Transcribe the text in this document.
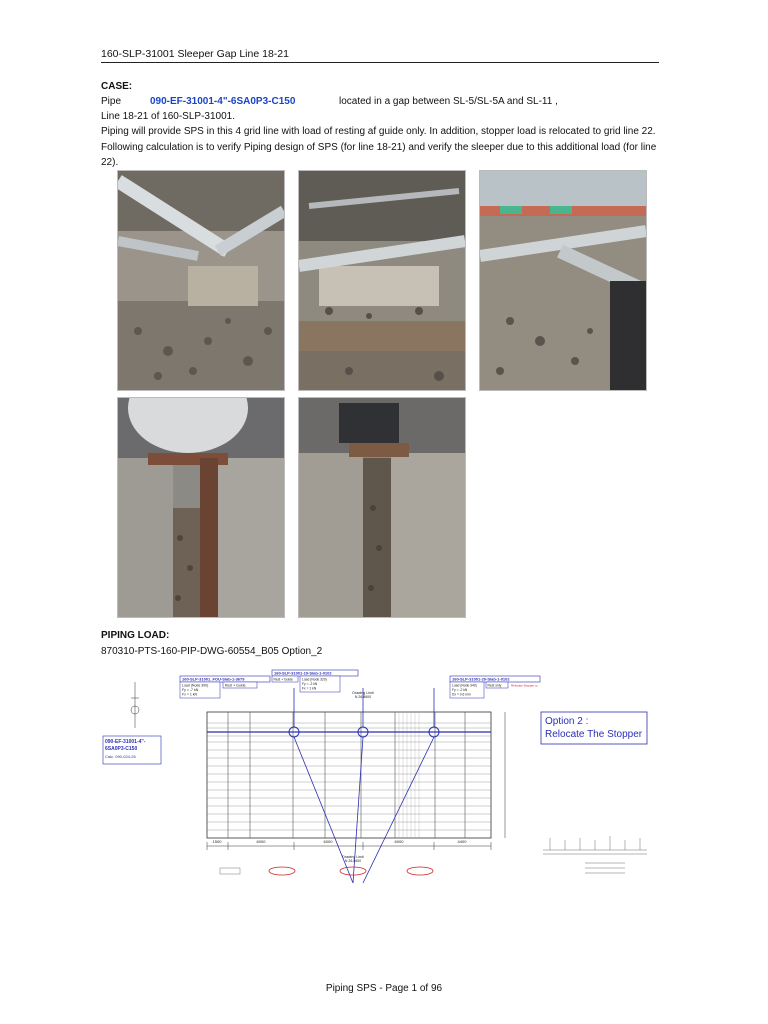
160-SLP-31001 Sleeper Gap Line 18-21
CASE:
Pipe	090-EF-31001-4"-6SA0P3-C150	located in a gap between SL-5/SL-5A and SL-11 ,
Line 18-21 of 160-SLP-31001.
Piping will provide SPS in this 4 grid line with load of resting af guide only. In addition, stopper load is relocated to grid line 22. Following calculation is to verify Piping design of SPS (for line 18-21) and verify the sleeper due to this additional load (for line 22).
PIPING LOAD:
870310-PTS-160-PIP-DWG-60554_B05 Option_2
1500	6000	6000	6000	4400
Drawing Limit
N 26,8600
Drawing Limit
N 26,8600
160-SLP-31001_FOU-Slab-1-3679
Load (Node 300)
Fy = -7 kN
Fx = 1 kN
Rest + Guide
160-SLP-31001-19-Slab-1-0102
Rest + Guide	Load (Node 320)
Fy = -2 kN
Fx = 1 kN
160-SLP-31001-20-Slab-1-0102
Load (Node 340)
Fy = -2 kN
Dx = 0.6 mm
Rest only	Relocate Stopper to
090-EF-31001-4"-
6SA0P3-C150
Calc. 090-024-26
Option 2 :
Relocate The Stopper
Piping SPS - Page 1 of 96
